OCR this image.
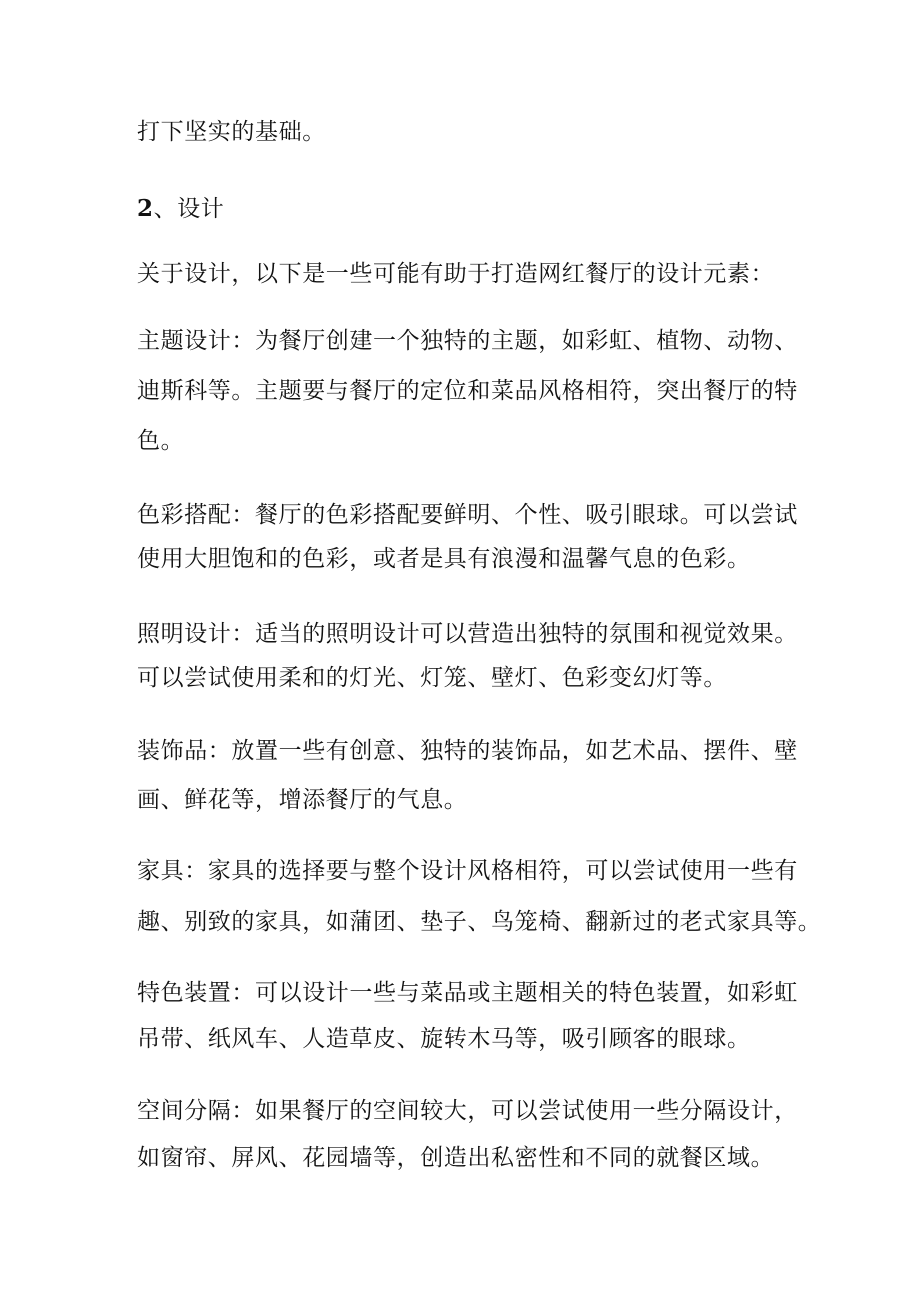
打下坚实的基础。
2、设计
关于设计，以下是一些可能有助于打造网红餐厅的设计元素：
主题设计：为餐厅创建一个独特的主题，如彩虹、植物、动物、
迪斯科等。主题要与餐厅的定位和菜品风格相符，突出餐厅的特
色。
色彩搭配：餐厅的色彩搭配要鲜明、个性、吸引眼球。可以尝试
使用大胆饱和的色彩，或者是具有浪漫和温馨气息的色彩。
照明设计：适当的照明设计可以营造出独特的氛围和视觉效果。
可以尝试使用柔和的灯光、灯笼、壁灯、色彩变幻灯等。
装饰品：放置一些有创意、独特的装饰品，如艺术品、摆件、壁
画、鲜花等，增添餐厅的气息。
家具：家具的选择要与整个设计风格相符，可以尝试使用一些有
趣、别致的家具，如蒲团、垫子、鸟笼椅、翻新过的老式家具等。
特色装置：可以设计一些与菜品或主题相关的特色装置，如彩虹
吊带、纸风车、人造草皮、旋转木马等，吸引顾客的眼球。
空间分隔：如果餐厅的空间较大，可以尝试使用一些分隔设计，
如窗帘、屏风、花园墙等，创造出私密性和不同的就餐区域。
